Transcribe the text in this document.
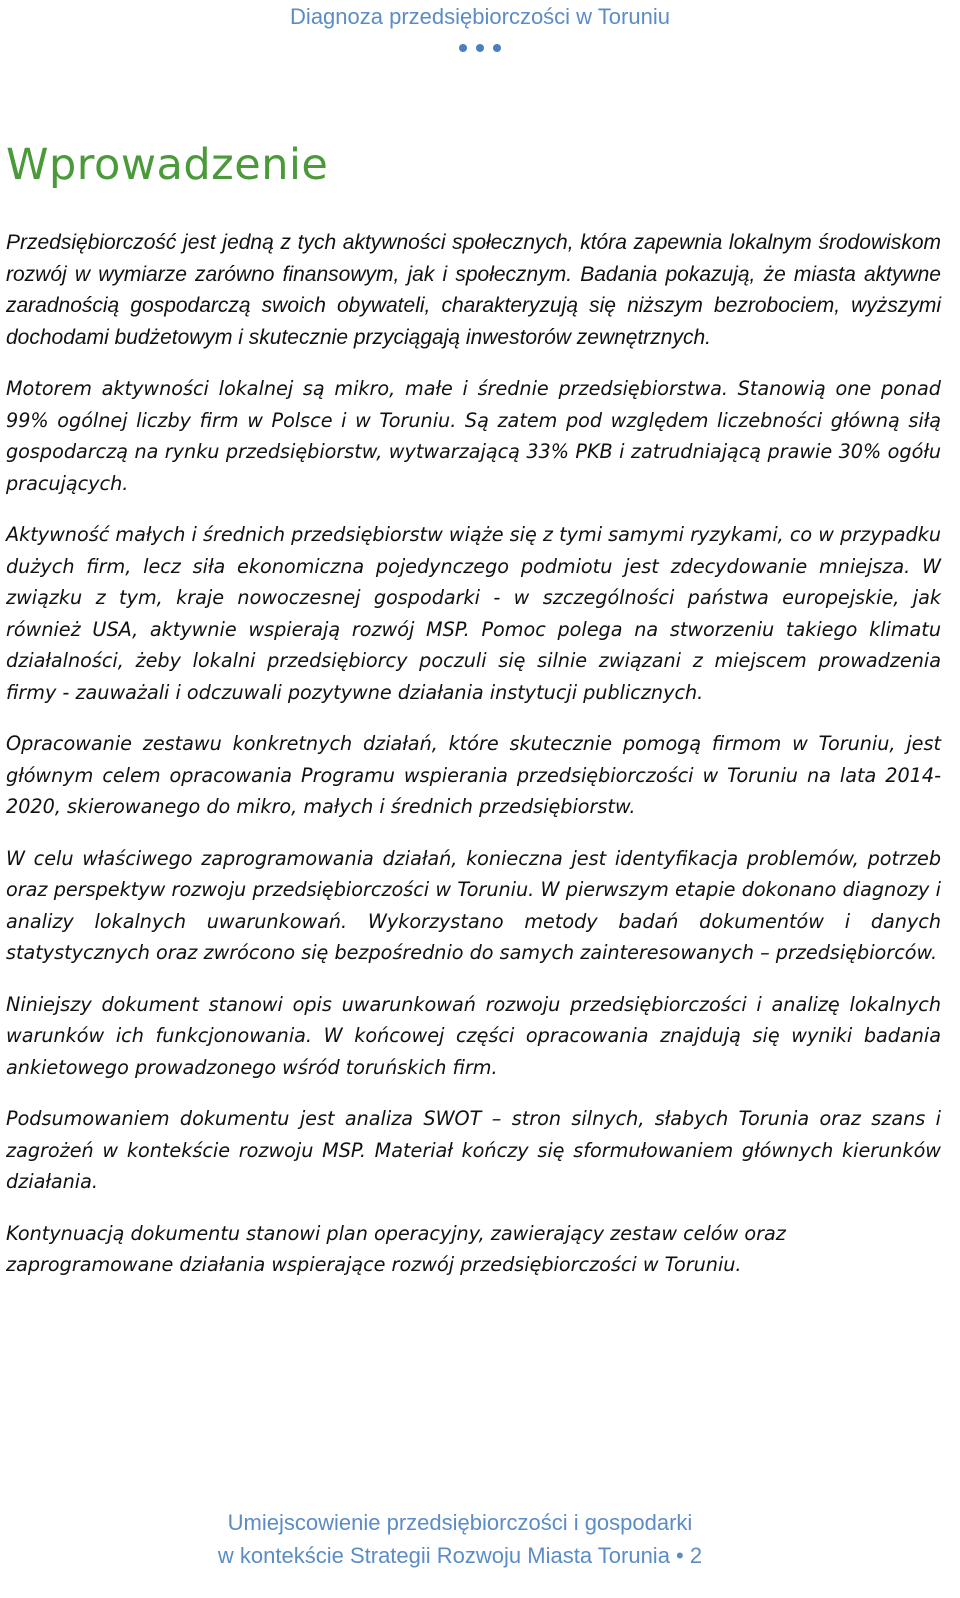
Diagnoza przedsiębiorczości w Toruniu
Wprowadzenie

Przedsiębiorczość jest jedną z tych aktywności społecznych, która zapewnia lokalnym środowiskom rozwój w wymiarze zarówno finansowym, jak i społecznym. Badania pokazują, że miasta aktywne zaradnością gospodarczą swoich obywateli, charakteryzują się niższym bezrobociem, wyższymi dochodami budżetowym i skutecznie przyciągają inwestorów zewnętrznych.

Motorem aktywności lokalnej są mikro, małe i średnie przedsiębiorstwa. Stanowią one ponad 99% ogólnej liczby firm w Polsce i w Toruniu. Są zatem pod względem liczebności główną siłą gospodarczą na rynku przedsiębiorstw, wytwarzającą 33% PKB i zatrudniającą prawie 30% ogółu pracujących.

Aktywność małych i średnich przedsiębiorstw wiąże się z tymi samymi ryzykami, co w przypadku dużych firm, lecz siła ekonomiczna pojedynczego podmiotu jest zdecydowanie mniejsza. W związku z tym, kraje nowoczesnej gospodarki - w szczególności państwa europejskie, jak również USA, aktywnie wspierają rozwój MSP. Pomoc polega na stworzeniu takiego klimatu działalności, żeby lokalni przedsiębiorcy poczuli się silnie związani z miejscem prowadzenia firmy - zauważali i odczuwali pozytywne działania instytucji publicznych.

Opracowanie zestawu konkretnych działań, które skutecznie pomogą firmom w Toruniu, jest głównym celem opracowania Programu wspierania przedsiębiorczości w Toruniu na lata 2014-2020, skierowanego do mikro, małych i średnich przedsiębiorstw.

W celu właściwego zaprogramowania działań, konieczna jest identyfikacja problemów, potrzeb oraz perspektyw rozwoju przedsiębiorczości w Toruniu. W pierwszym etapie dokonano diagnozy i analizy lokalnych uwarunkowań. Wykorzystano metody badań dokumentów i danych statystycznych oraz zwrócono się bezpośrednio do samych zainteresowanych – przedsiębiorców.

Niniejszy dokument stanowi opis uwarunkowań rozwoju przedsiębiorczości i analizę lokalnych warunków ich funkcjonowania. W końcowej części opracowania znajdują się wyniki badania ankietowego prowadzonego wśród toruńskich firm.

Podsumowaniem dokumentu jest analiza SWOT – stron silnych, słabych Torunia oraz szans i zagrożeń w kontekście rozwoju MSP. Materiał kończy się sformułowaniem głównych kierunków działania.

Kontynuacją dokumentu stanowi plan operacyjny, zawierający zestaw celów oraz zaprogramowane działania wspierające rozwój przedsiębiorczości w Toruniu.

Umiejscowienie przedsiębiorczości i gospodarki
w kontekście Strategii Rozwoju Miasta Torunia • 2
